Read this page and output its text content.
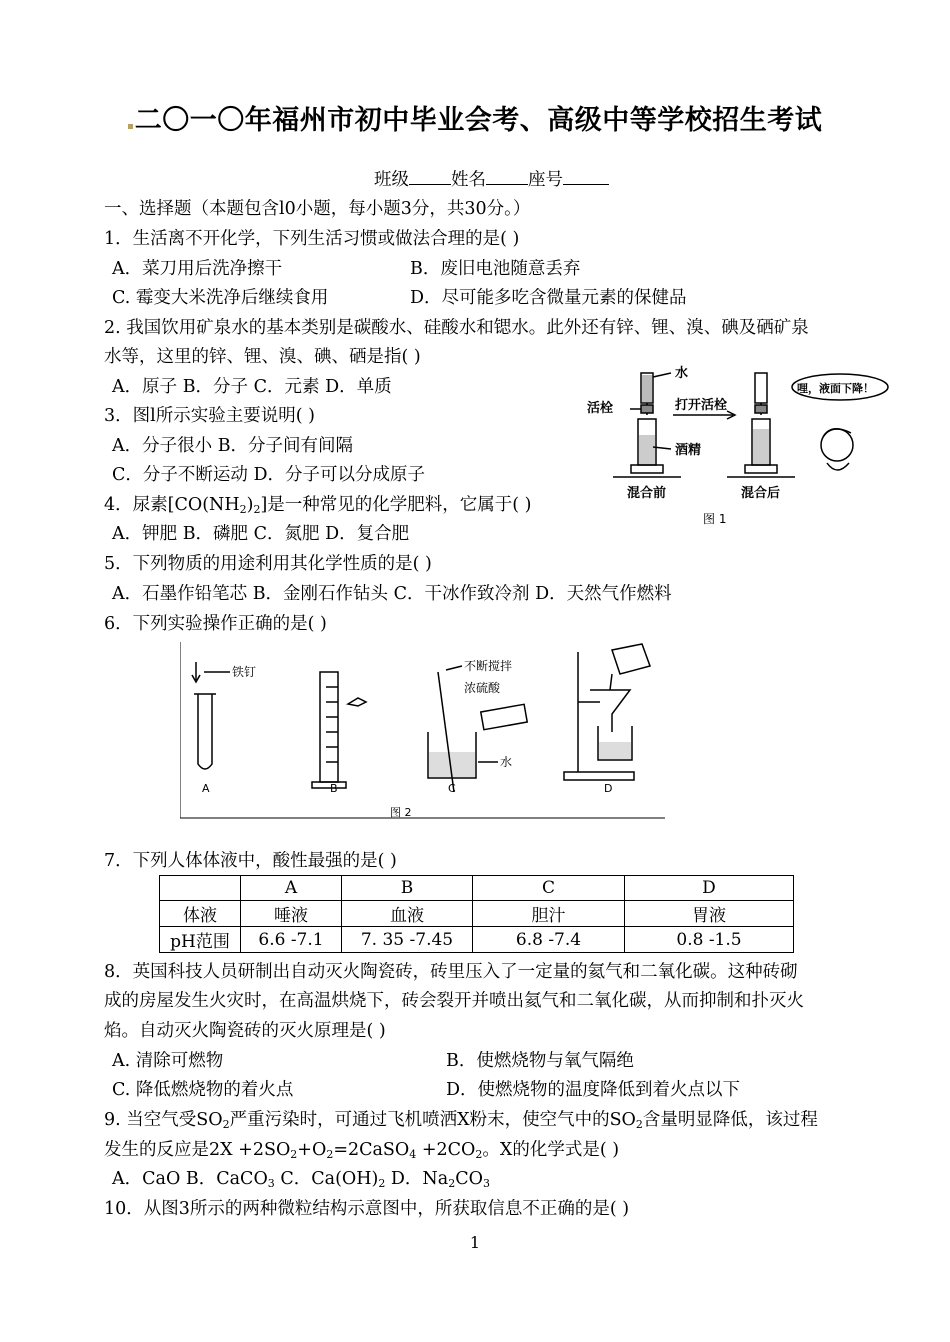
二〇一〇年福州市初中毕业会考、高级中等学校招生考试
班级 姓名 座号
一、选择题（本题包含l0小题，每小题3分，共30分。）
1．生活离不开化学，下列生活习惯或做法合理的是( )
A．菜刀用后洗净擦干	B．废旧电池随意丢弃
C. 霉变大米洗净后继续食用	D．尽可能多吃含微量元素的保健品
2. 我国饮用矿泉水的基本类别是碳酸水、硅酸水和锶水。此外还有锌、锂、溴、碘及硒矿泉
水等，这里的锌、锂、溴、碘、硒是指( )
A．原子 B．分子 C．元素 D．单质
3．图l所示实验主要说明( )
A．分子很小 B．分子间有间隔
C．分子不断运动 D．分子可以分成原子
4．尿素$[CO(NH_2)_2]$是一种常见的化学肥料，它属于( )
A．钾肥 B．磷肥 C．氮肥 D．复合肥
5．下列物质的用途利用其化学性质的是( )
A．石墨作铅笔芯 B．金刚石作钻头 C．干冰作致冷剂 D．天然气作燃料
6．下列实验操作正确的是( )
水
活栓	打开活栓
酒精
混合前	混合后
哩，液面下降！
图 1
铁钉	不断搅拌
浓硫酸
水
A	B	C	D
图 2
7．下列人体体液中，酸性最强的是( )
	A	B	C	D
体液	唾液	血液	胆汁	胃液
pH范围	6.6 -7.1	7. 35 -7.45	6.8 -7.4	0.8 -1.5
8．英国科技人员研制出自动灭火陶瓷砖，砖里压入了一定量的氦气和二氧化碳。这种砖砌
成的房屋发生火灾时，在高温烘烧下，砖会裂开并喷出氦气和二氧化碳，从而抑制和扑灭火
焰。自动灭火陶瓷砖的灭火原理是( )
A. 清除可燃物	B．使燃烧物与氧气隔绝
C. 降低燃烧物的着火点	D．使燃烧物的温度降低到着火点以下
9. 当空气受$SO_2$严重污染时，可通过飞机喷洒X粉末，使空气中的$SO_2$含量明显降低，该过程
发生的反应是$2X +2SO_2+O_2=2CaSO_4 +2CO_2$。X的化学式是( )
A．CaO B．CaCO$_3$ C．$Ca(OH)_2$ D．$Na_2CO_3$
10．从图3所示的两种微粒结构示意图中，所获取信息不正确的是( )
1
